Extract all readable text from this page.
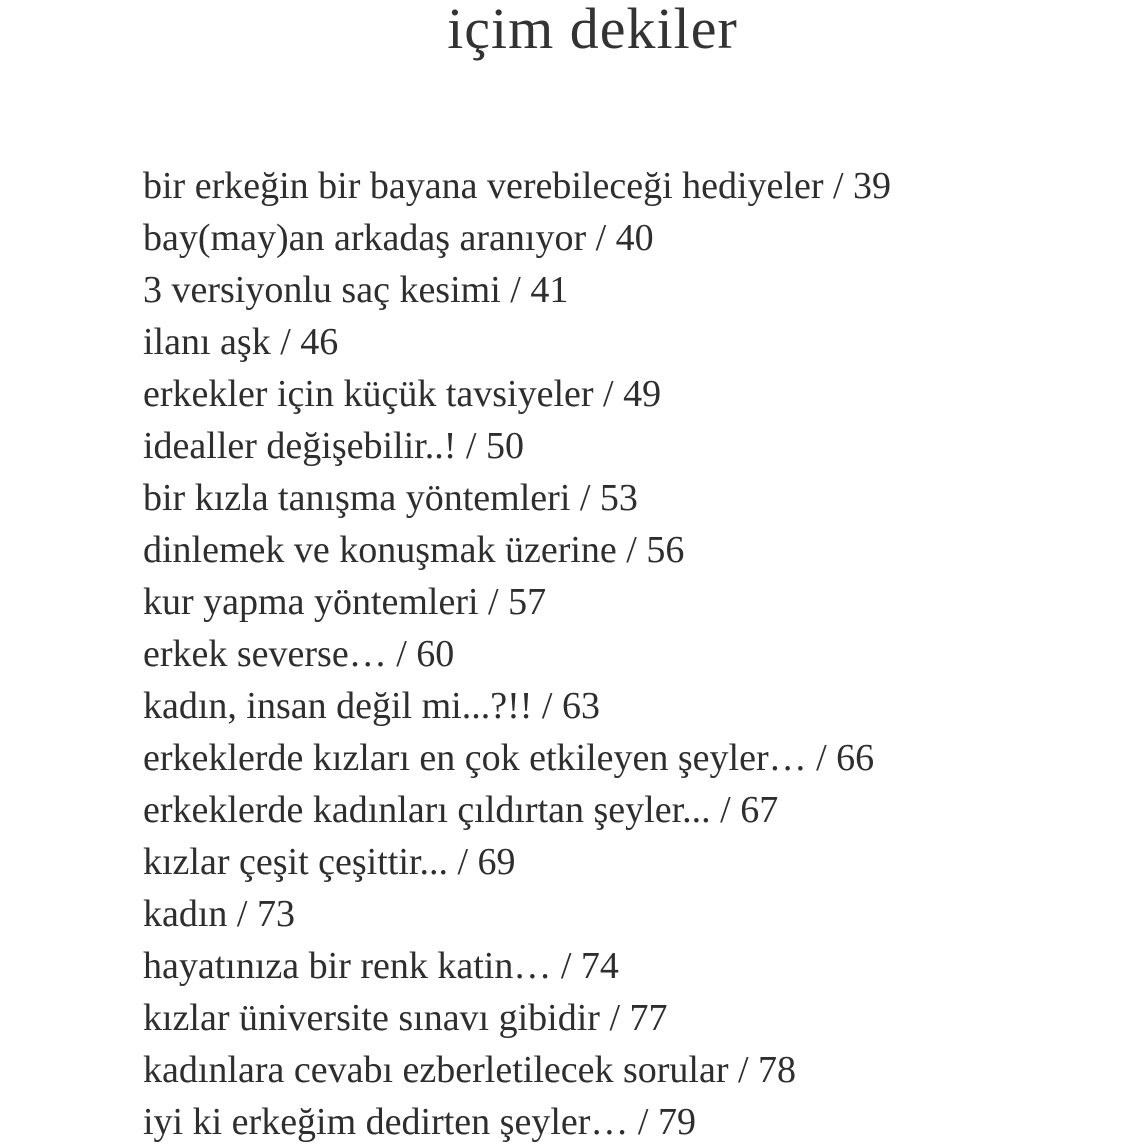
içim dekiler
bir erkeğin bir bayana verebileceği hediyeler / 39
bay(may)an arkadaş aranıyor / 40
3 versiyonlu saç kesimi / 41
ilanı aşk / 46
erkekler için küçük tavsiyeler / 49
idealler değişebilir..! / 50
bir kızla tanışma yöntemleri / 53
dinlemek ve konuşmak üzerine / 56
kur yapma yöntemleri / 57
erkek severse… / 60
kadın, insan değil mi...?!! / 63
erkeklerde kızları en çok etkileyen şeyler… / 66
erkeklerde kadınları çıldırtan şeyler... / 67
kızlar çeşit çeşittir... / 69
kadın / 73
hayatınıza bir renk katin… / 74
kızlar üniversite sınavı gibidir / 77
kadınlara cevabı ezberletilecek sorular / 78
iyi ki erkeğim dedirten şeyler… / 79
